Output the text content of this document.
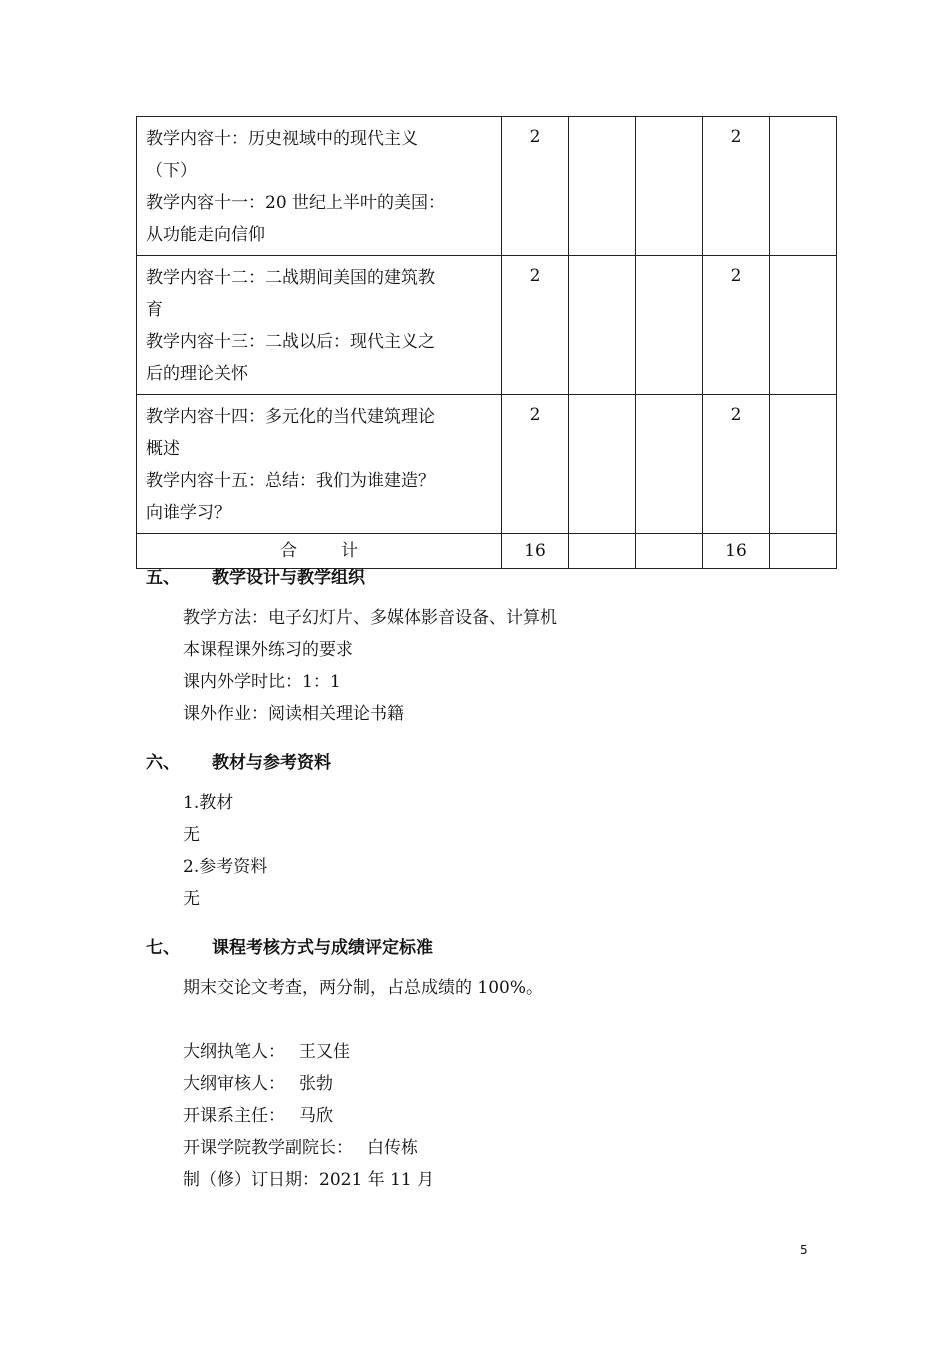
教学内容十：历史视域中的现代主义
（下）
教学内容十一：20 世纪上半叶的美国：
从功能走向信仰	2			2	

教学内容十二：二战期间美国的建筑教
育
教学内容十三：二战以后：现代主义之
后的理论关怀	2			2	

教学内容十四：多元化的当代建筑理论
概述
教学内容十五：总结：我们为谁建造？
向谁学习？	2			2	
合 计	16			16	
五、 教学设计与教学组织
教学方法：电子幻灯片、多媒体影音设备、计算机
本课程课外练习的要求
课内外学时比：1：1
课外作业：阅读相关理论书籍
六、 教材与参考资料
1.教材
无
2.参考资料
无
七、 课程考核方式与成绩评定标准
期末交论文考查，两分制，占总成绩的 100%。
大纲执笔人： 王又佳
大纲审核人： 张勃
开课系主任： 马欣
开课学院教学副院长： 白传栋
制（修）订日期：2021 年 11 月
5
